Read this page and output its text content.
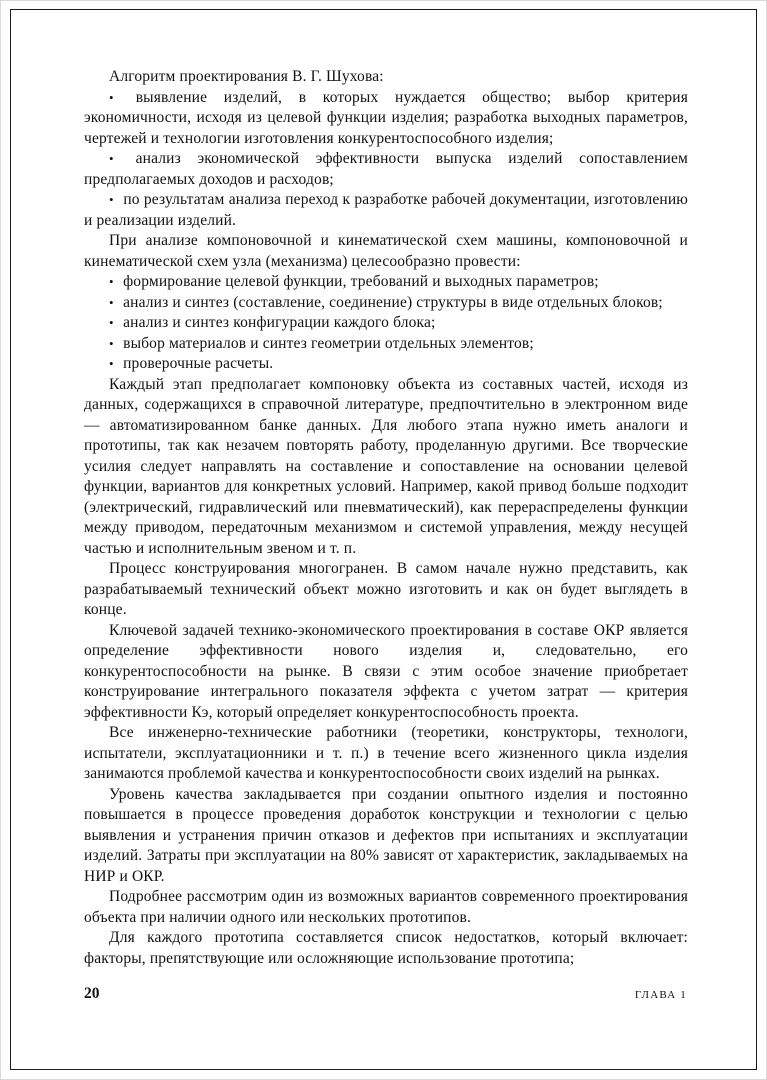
Алгоритм проектирования В. Г. Шухова:

• выявление изделий, в которых нуждается общество; выбор критерия экономичности, исходя из целевой функции изделия; разработка выходных параметров, чертежей и технологии изготовления конкурентоспособного изделия;

• анализ экономической эффективности выпуска изделий сопоставлением предполагаемых доходов и расходов;

• по результатам анализа переход к разработке рабочей документации, изготовлению и реализации изделий.

При анализе компоновочной и кинематической схем машины, компоновочной и кинематической схем узла (механизма) целесообразно провести:

• формирование целевой функции, требований и выходных параметров;

• анализ и синтез (составление, соединение) структуры в виде отдельных блоков;

• анализ и синтез конфигурации каждого блока;

• выбор материалов и синтез геометрии отдельных элементов;

• проверочные расчеты.

Каждый этап предполагает компоновку объекта из составных частей, исходя из данных, содержащихся в справочной литературе, предпочтительно в электронном виде — автоматизированном банке данных. Для любого этапа нужно иметь аналоги и прототипы, так как незачем повторять работу, проделанную другими. Все творческие усилия следует направлять на составление и сопоставление на основании целевой функции, вариантов для конкретных условий. Например, какой привод больше подходит (электрический, гидравлический или пневматический), как перераспределены функции между приводом, передаточным механизмом и системой управления, между несущей частью и исполнительным звеном и т. п.

Процесс конструирования многогранен. В самом начале нужно представить, как разрабатываемый технический объект можно изготовить и как он будет выглядеть в конце.

Ключевой задачей технико-экономического проектирования в составе ОКР является определение эффективности нового изделия и, следовательно, его конкурентоспособности на рынке. В связи с этим особое значение приобретает конструирование интегрального показателя эффекта с учетом затрат — критерия эффективности Кэ, который определяет конкурентоспособность проекта.

Все инженерно-технические работники (теоретики, конструкторы, технологи, испытатели, эксплуатационники и т. п.) в течение всего жизненного цикла изделия занимаются проблемой качества и конкурентоспособности своих изделий на рынках.

Уровень качества закладывается при создании опытного изделия и постоянно повышается в процессе проведения доработок конструкции и технологии с целью выявления и устранения причин отказов и дефектов при испытаниях и эксплуатации изделий. Затраты при эксплуатации на 80% зависят от характеристик, закладываемых на НИР и ОКР.

Подробнее рассмотрим один из возможных вариантов современного проектирования объекта при наличии одного или нескольких прототипов.

Для каждого прототипа составляется список недостатков, который включает: факторы, препятствующие или осложняющие использование прототипа;

20	ГЛАВА 1
